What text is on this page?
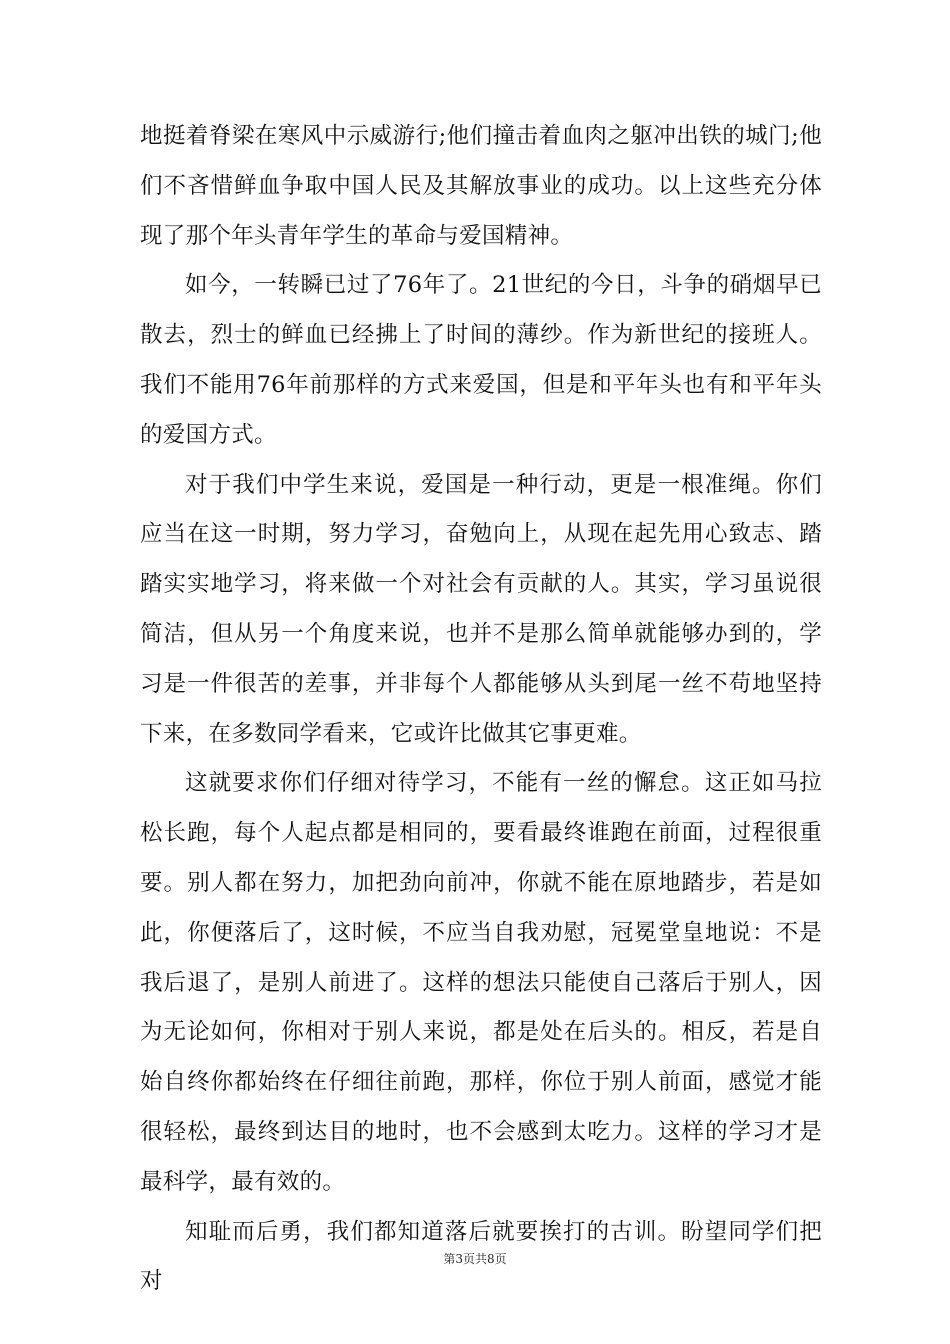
地挺着脊梁在寒风中示威游行;他们撞击着血肉之躯冲出铁的城门;他们不吝惜鲜血争取中国人民及其解放事业的成功。以上这些充分体现了那个年头青年学生的革命与爱国精神。

如今，一转瞬已过了76年了。21世纪的今日，斗争的硝烟早已散去，烈士的鲜血已经拂上了时间的薄纱。作为新世纪的接班人。我们不能用76年前那样的方式来爱国，但是和平年头也有和平年头的爱国方式。

对于我们中学生来说，爱国是一种行动，更是一根准绳。你们应当在这一时期，努力学习，奋勉向上，从现在起先用心致志、踏踏实实地学习，将来做一个对社会有贡献的人。其实，学习虽说很简洁，但从另一个角度来说，也并不是那么简单就能够办到的，学习是一件很苦的差事，并非每个人都能够从头到尾一丝不苟地坚持下来，在多数同学看来，它或许比做其它事更难。

这就要求你们仔细对待学习，不能有一丝的懈怠。这正如马拉松长跑，每个人起点都是相同的，要看最终谁跑在前面，过程很重要。别人都在努力，加把劲向前冲，你就不能在原地踏步，若是如此，你便落后了，这时候，不应当自我劝慰，冠冕堂皇地说：不是我后退了，是别人前进了。这样的想法只能使自己落后于别人，因为无论如何，你相对于别人来说，都是处在后头的。相反，若是自始自终你都始终在仔细往前跑，那样，你位于别人前面，感觉才能很轻松，最终到达目的地时，也不会感到太吃力。这样的学习才是最科学，最有效的。

知耻而后勇，我们都知道落后就要挨打的古训。盼望同学们把对

第3页共8页
